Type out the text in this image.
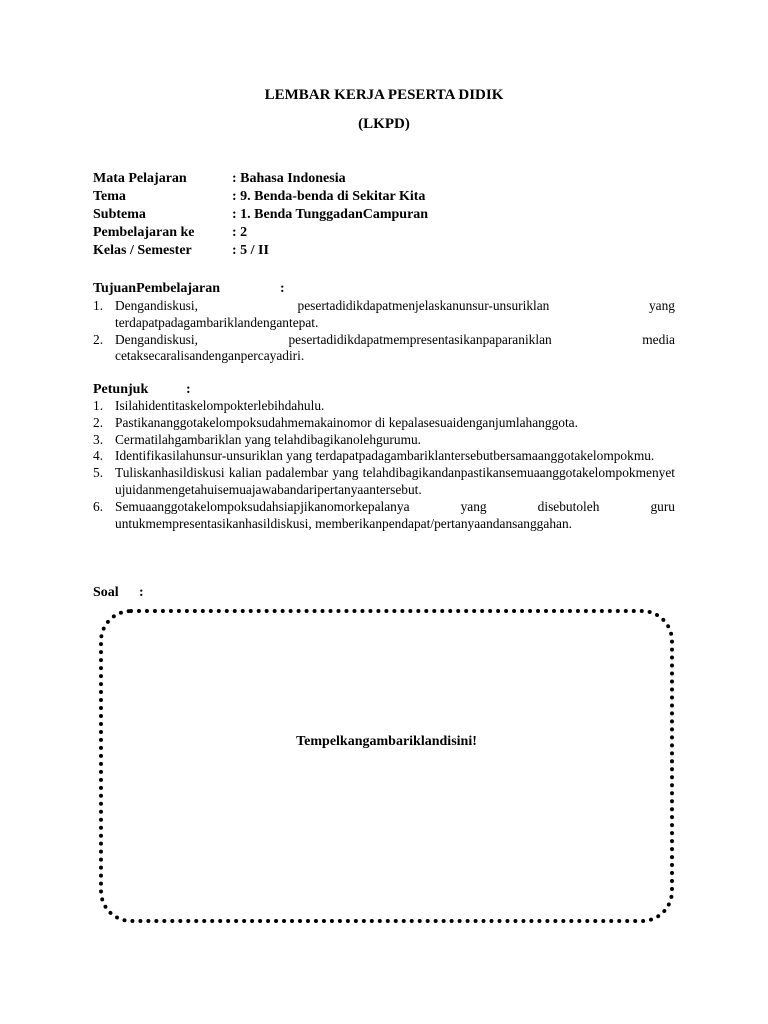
LEMBAR KERJA PESERTA DIDIK
(LKPD)
Mata Pelajaran	: Bahasa Indonesia
Tema	: 9. Benda-benda di Sekitar Kita
Subtema	: 1. Benda TunggadanCampuran
Pembelajaran ke	: 2
Kelas / Semester	: 5 / II
TujuanPembelajaran	:
1. Dengandiskusi, pesertadidikdapatmenjelaskanunsur-unsuriklan yang terdapatpadagambariklandengantepat.
2. Dengandiskusi, pesertadidikdapatmempresentasikanpaparaniklan media cetaksecaralisandenganpercayadiri.
Petunjuk	:
1. Isilahidentitaskelompokterlebihdahulu.
2. Pastikananggotakelompoksudahmemakainomor di kepalasesuaidenganjumlahanggota.
3. Cermatilahgambariklan yang telahdibagikanolehgurumu.
4. Identifikasilahunsur-unsuriklan yang terdapatpadagambariklantersebutbersamaanggotakelompokmu.
5. Tuliskanhasildiskusi kalian padalembar yang telahdibagikandanpastikansemuaanggotakelompokmenyetujuidanmengetahuisemuajawabandaripertanyaantersebut.
6. Semuaanggotakelompoksudahsiapjikanomorkepalanya yang disebutoleh guru untukmempresentasikanhasildiskusi, memberikanpendapat/pertanyaandansanggahan.
Soal	:
Tempelkangambariklandisini!
